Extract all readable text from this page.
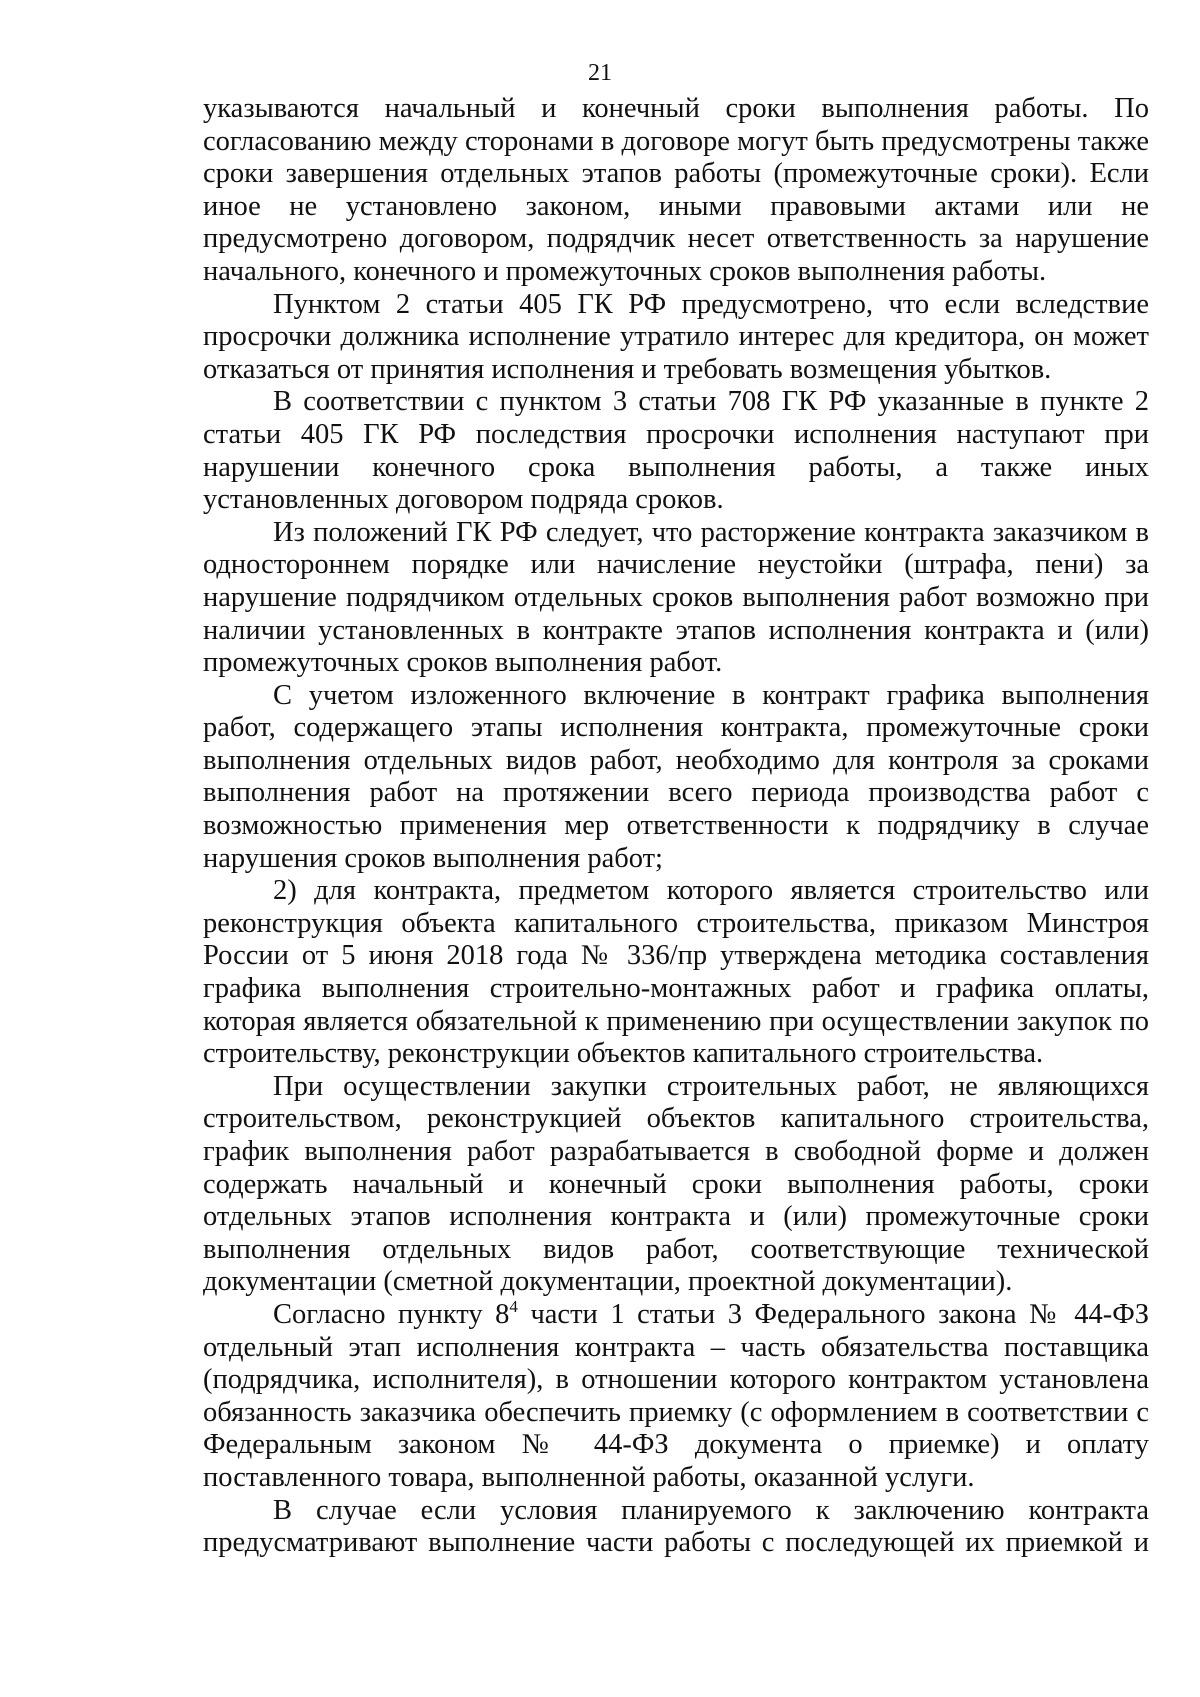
21

указываются начальный и конечный сроки выполнения работы. По согласованию между сторонами в договоре могут быть предусмотрены также сроки завершения отдельных этапов работы (промежуточные сроки). Если иное не установлено законом, иными правовыми актами или не предусмотрено договором, подрядчик несет ответственность за нарушение начального, конечного и промежуточных сроков выполнения работы.

Пунктом 2 статьи 405 ГК РФ предусмотрено, что если вследствие просрочки должника исполнение утратило интерес для кредитора, он может отказаться от принятия исполнения и требовать возмещения убытков.

В соответствии с пунктом 3 статьи 708 ГК РФ указанные в пункте 2 статьи 405 ГК РФ последствия просрочки исполнения наступают при нарушении конечного срока выполнения работы, а также иных установленных договором подряда сроков.

Из положений ГК РФ следует, что расторжение контракта заказчиком в одностороннем порядке или начисление неустойки (штрафа, пени) за нарушение подрядчиком отдельных сроков выполнения работ возможно при наличии установленных в контракте этапов исполнения контракта и (или) промежуточных сроков выполнения работ.

С учетом изложенного включение в контракт графика выполнения работ, содержащего этапы исполнения контракта, промежуточные сроки выполнения отдельных видов работ, необходимо для контроля за сроками выполнения работ на протяжении всего периода производства работ с возможностью применения мер ответственности к подрядчику в случае нарушения сроков выполнения работ;

2) для контракта, предметом которого является строительство или реконструкция объекта капитального строительства, приказом Минстроя России от 5 июня 2018 года № 336/пр утверждена методика составления графика выполнения строительно-монтажных работ и графика оплаты, которая является обязательной к применению при осуществлении закупок по строительству, реконструкции объектов капитального строительства.

При осуществлении закупки строительных работ, не являющихся строительством, реконструкцией объектов капитального строительства, график выполнения работ разрабатывается в свободной форме и должен содержать начальный и конечный сроки выполнения работы, сроки отдельных этапов исполнения контракта и (или) промежуточные сроки выполнения отдельных видов работ, соответствующие технической документации (сметной документации, проектной документации).

Согласно пункту $8^4$ части 1 статьи 3 Федерального закона № 44-ФЗ отдельный этап исполнения контракта – часть обязательства поставщика (подрядчика, исполнителя), в отношении которого контрактом установлена обязанность заказчика обеспечить приемку (с оформлением в соответствии с Федеральным законом № 44-ФЗ документа о приемке) и оплату поставленного товара, выполненной работы, оказанной услуги.

В случае если условия планируемого к заключению контракта предусматривают выполнение части работы с последующей их приемкой и
